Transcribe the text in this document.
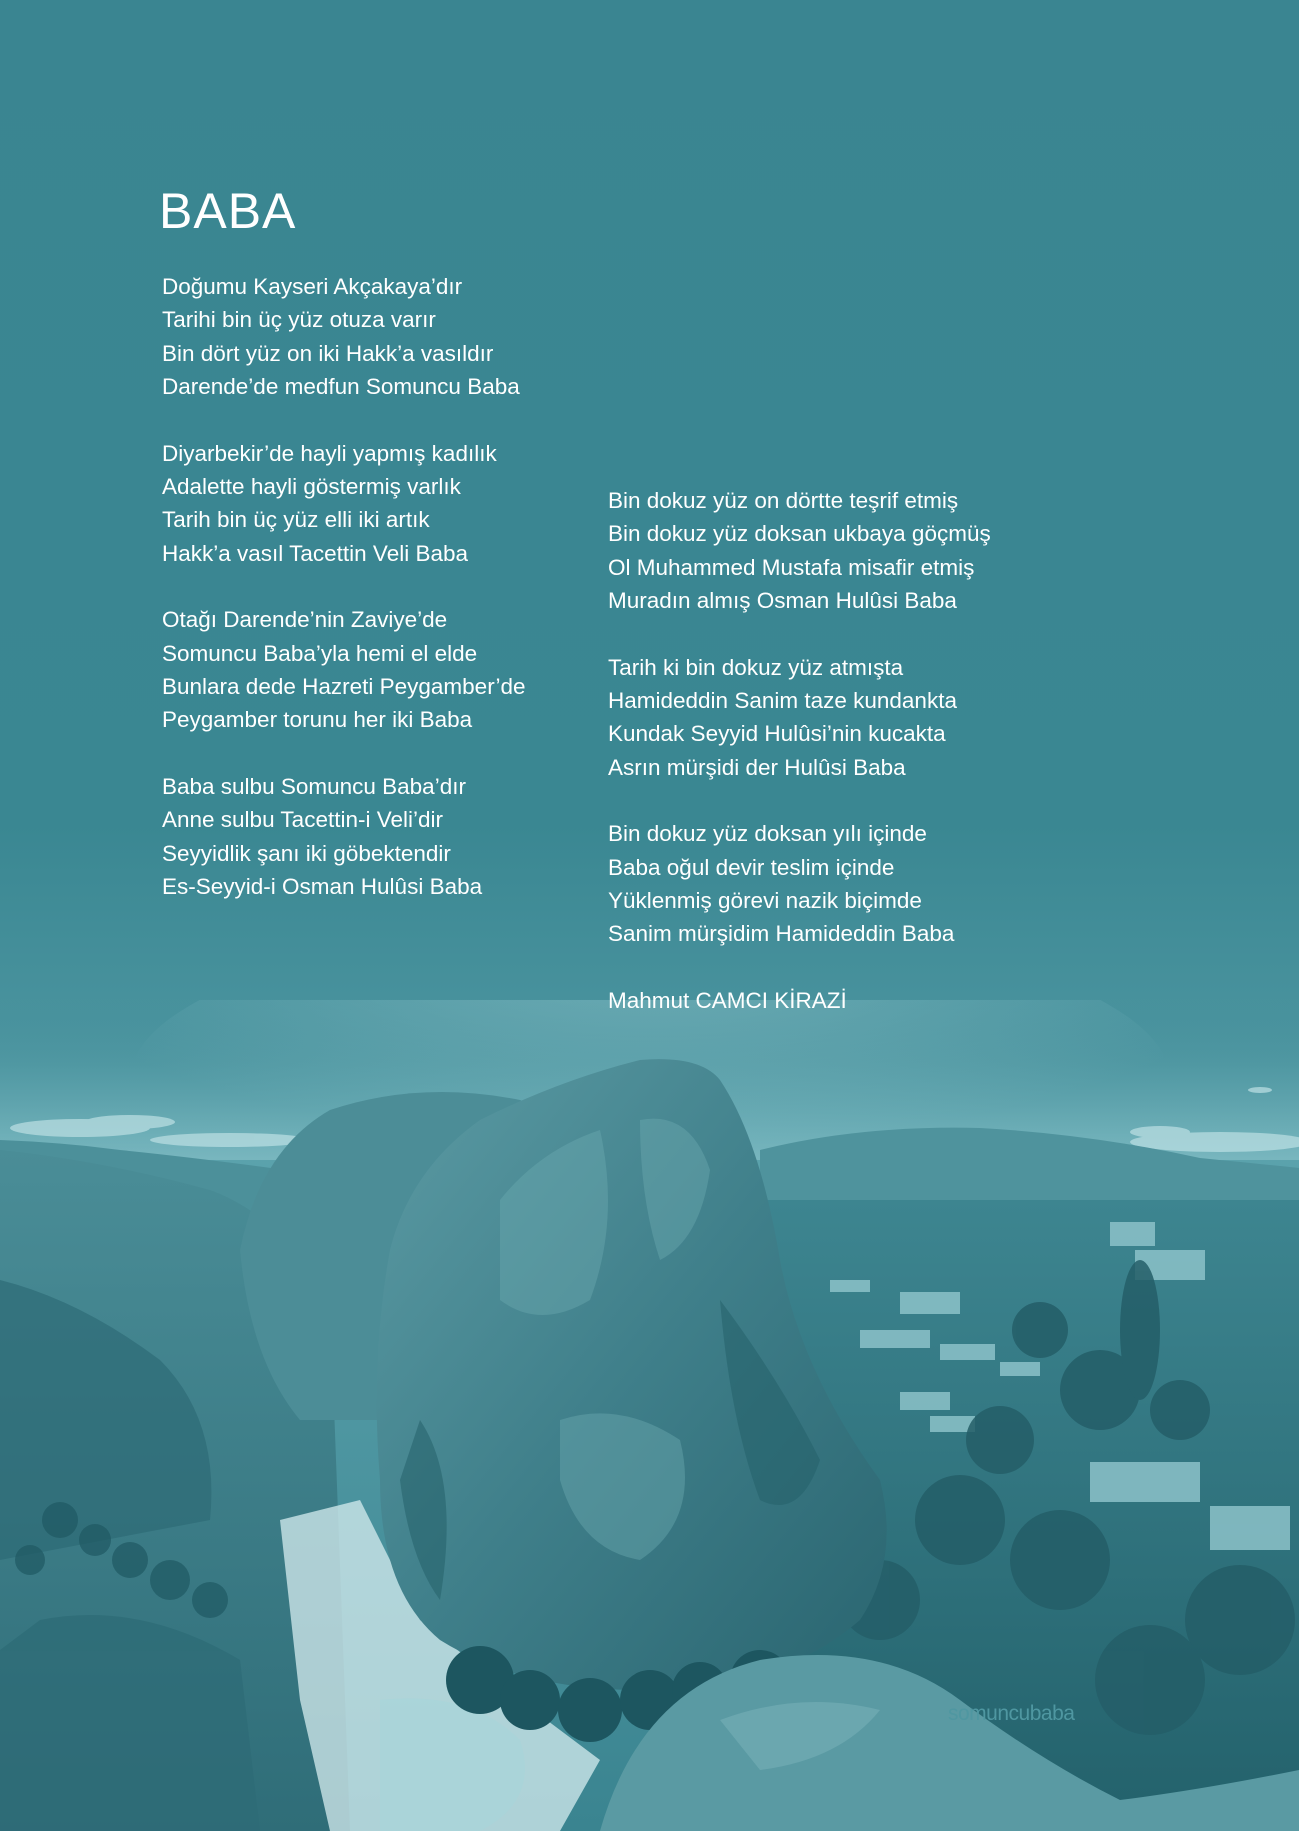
somuncubaba
BABA
Doğumu Kayseri Akçakaya’dır
Tarihi bin üç yüz otuza varır
Bin dört yüz on iki Hakk’a vasıldır
Darende’de medfun Somuncu Baba
Diyarbekir’de hayli yapmış kadılık
Adalette hayli göstermiş varlık
Tarih bin üç yüz elli iki artık
Hakk’a vasıl Tacettin Veli Baba
Otağı Darende’nin Zaviye’de
Somuncu Baba’yla hemi el elde
Bunlara dede Hazreti Peygamber’de
Peygamber torunu her iki Baba
Baba sulbu Somuncu Baba’dır
Anne sulbu Tacettin-i Veli’dir
Seyyidlik şanı iki göbektendir
Es-Seyyid-i Osman Hulûsi Baba
Bin dokuz yüz on dörtte teşrif etmiş
Bin dokuz yüz doksan ukbaya göçmüş
Ol Muhammed Mustafa misafir etmiş
Muradın almış Osman Hulûsi Baba
Tarih ki bin dokuz yüz atmışta
Hamideddin Sanim taze kundankta
Kundak Seyyid Hulûsi’nin kucakta
Asrın mürşidi der Hulûsi Baba
Bin dokuz yüz doksan yılı içinde
Baba oğul devir teslim içinde
Yüklenmiş görevi nazik biçimde
Sanim mürşidim Hamideddin Baba
Mahmut CAMCI KİRAZİ
